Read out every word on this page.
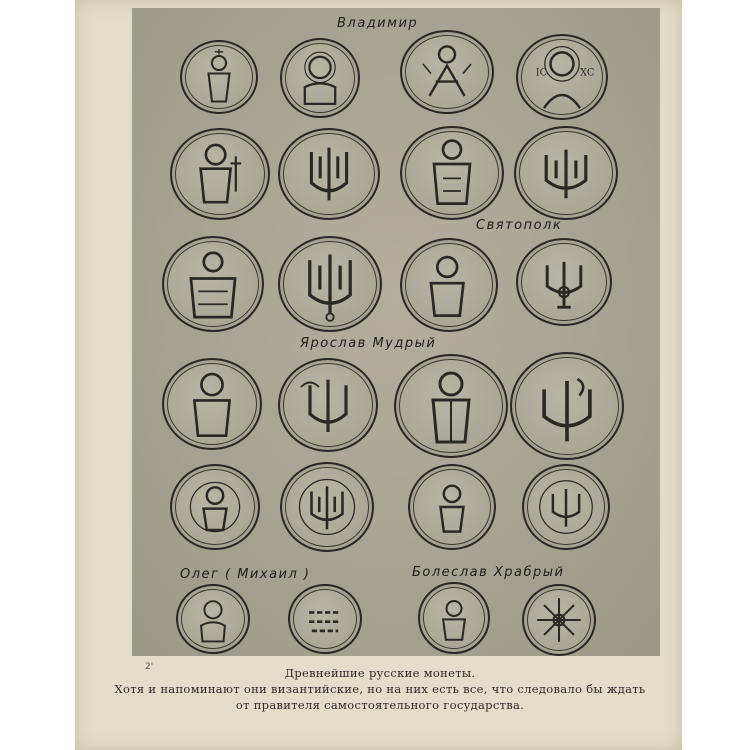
Владимир
Святополк
Ярослав Мудрый
Олег ( Михаил )	Болеслав Храбрый
IC	XC
2'	Древнейшие русские монеты.
Хотя и напоминают они византийские, но на них есть все, что следовало бы ждать
от правителя самостоятельного государства.
